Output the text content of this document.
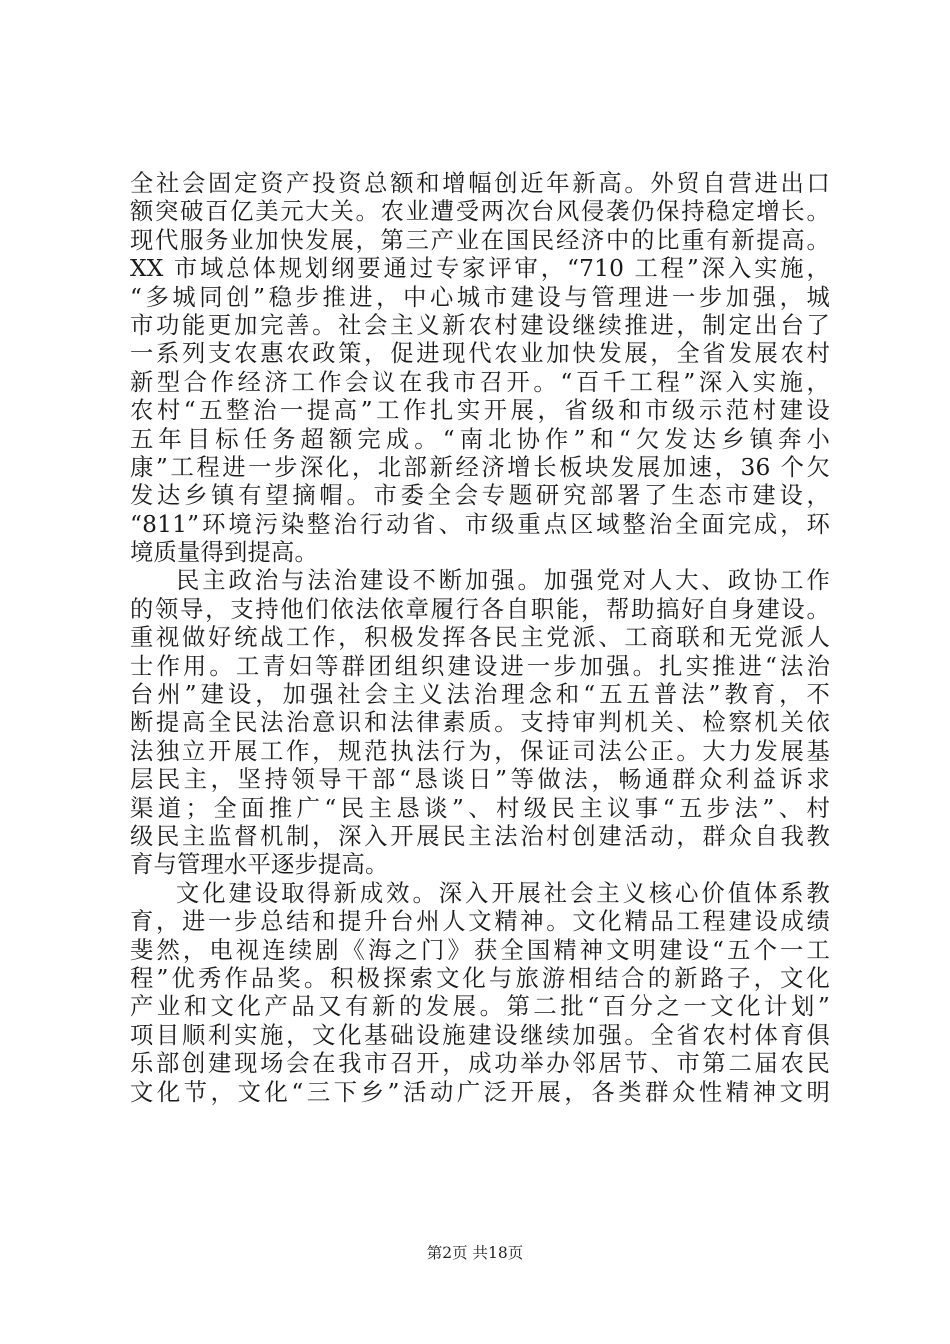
全社会固定资产投资总额和增幅创近年新高。外贸自营进出口
额突破百亿美元大关。农业遭受两次台风侵袭仍保持稳定增长。
现代服务业加快发展，第三产业在国民经济中的比重有新提高。
XX 市域总体规划纲要通过专家评审，“710 工程”深入实施，
“多城同创”稳步推进，中心城市建设与管理进一步加强，城
市功能更加完善。社会主义新农村建设继续推进，制定出台了
一系列支农惠农政策，促进现代农业加快发展，全省发展农村
新型合作经济工作会议在我市召开。“百千工程”深入实施，
农村“五整治一提高”工作扎实开展，省级和市级示范村建设
五年目标任务超额完成。“南北协作”和“欠发达乡镇奔小
康”工程进一步深化，北部新经济增长板块发展加速，36 个欠
发达乡镇有望摘帽。市委全会专题研究部署了生态市建设，
“811”环境污染整治行动省、市级重点区域整治全面完成，环
境质量得到提高。
民主政治与法治建设不断加强。加强党对人大、政协工作
的领导，支持他们依法依章履行各自职能，帮助搞好自身建设。
重视做好统战工作，积极发挥各民主党派、工商联和无党派人
士作用。工青妇等群团组织建设进一步加强。扎实推进“法治
台州”建设，加强社会主义法治理念和“五五普法”教育，不
断提高全民法治意识和法律素质。支持审判机关、检察机关依
法独立开展工作，规范执法行为，保证司法公正。大力发展基
层民主，坚持领导干部“恳谈日”等做法，畅通群众利益诉求
渠道；全面推广“民主恳谈”、村级民主议事“五步法”、村
级民主监督机制，深入开展民主法治村创建活动，群众自我教
育与管理水平逐步提高。
文化建设取得新成效。深入开展社会主义核心价值体系教
育，进一步总结和提升台州人文精神。文化精品工程建设成绩
斐然，电视连续剧《海之门》获全国精神文明建设“五个一工
程”优秀作品奖。积极探索文化与旅游相结合的新路子，文化
产业和文化产品又有新的发展。第二批“百分之一文化计划”
项目顺利实施，文化基础设施建设继续加强。全省农村体育俱
乐部创建现场会在我市召开，成功举办邻居节、市第二届农民
文化节，文化“三下乡”活动广泛开展，各类群众性精神文明
第2页 共18页
